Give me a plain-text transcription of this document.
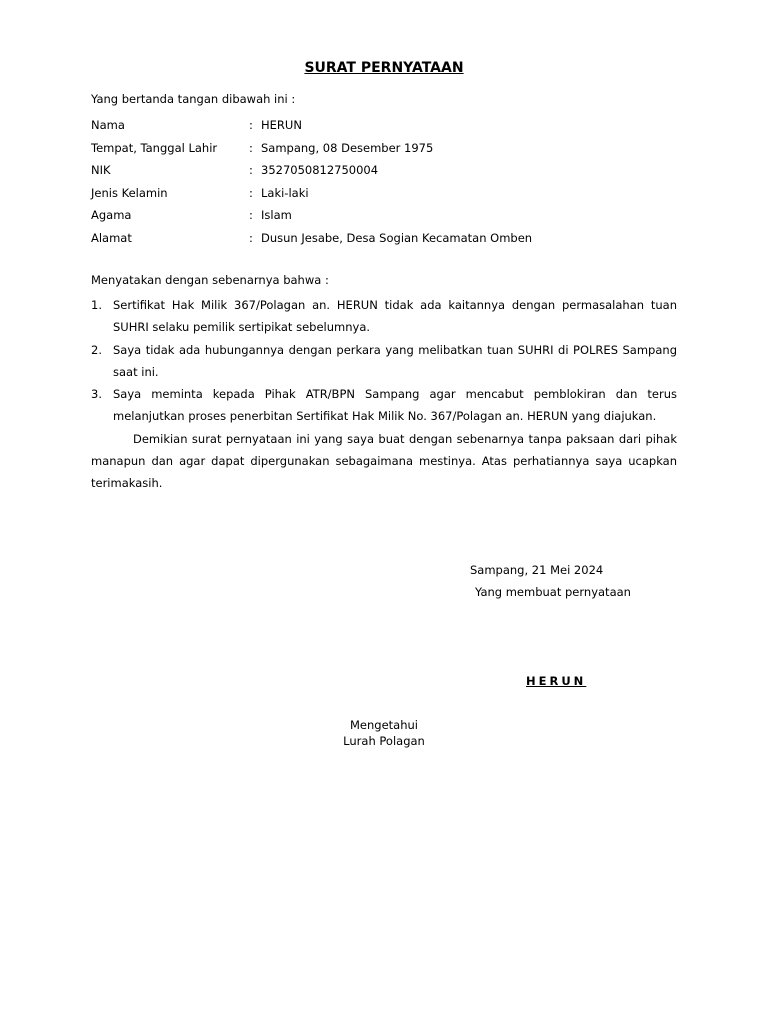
SURAT PERNYATAAN
Yang bertanda tangan dibawah ini :
Nama	: HERUN
Tempat, Tanggal Lahir	: Sampang, 08 Desember 1975
NIK	: 3527050812750004
Jenis Kelamin	: Laki-laki
Agama	: Islam
Alamat	: Dusun Jesabe, Desa Sogian Kecamatan Omben
Menyatakan dengan sebenarnya bahwa :
1. Sertifikat Hak Milik 367/Polagan an. HERUN tidak ada kaitannya dengan permasalahan tuan SUHRI selaku pemilik sertipikat sebelumnya.
2. Saya tidak ada hubungannya dengan perkara yang melibatkan tuan SUHRI di POLRES Sampang saat ini.
3. Saya meminta kepada Pihak ATR/BPN Sampang agar mencabut pemblokiran dan terus melanjutkan proses penerbitan Sertifikat Hak Milik No. 367/Polagan an. HERUN yang diajukan.
Demikian surat pernyataan ini yang saya buat dengan sebenarnya tanpa paksaan dari pihak manapun dan agar dapat dipergunakan sebagaimana mestinya. Atas perhatiannya saya ucapkan terimakasih.
Sampang, 21 Mei 2024
Yang membuat pernyataan
HERUN
Mengetahui
Lurah Polagan
